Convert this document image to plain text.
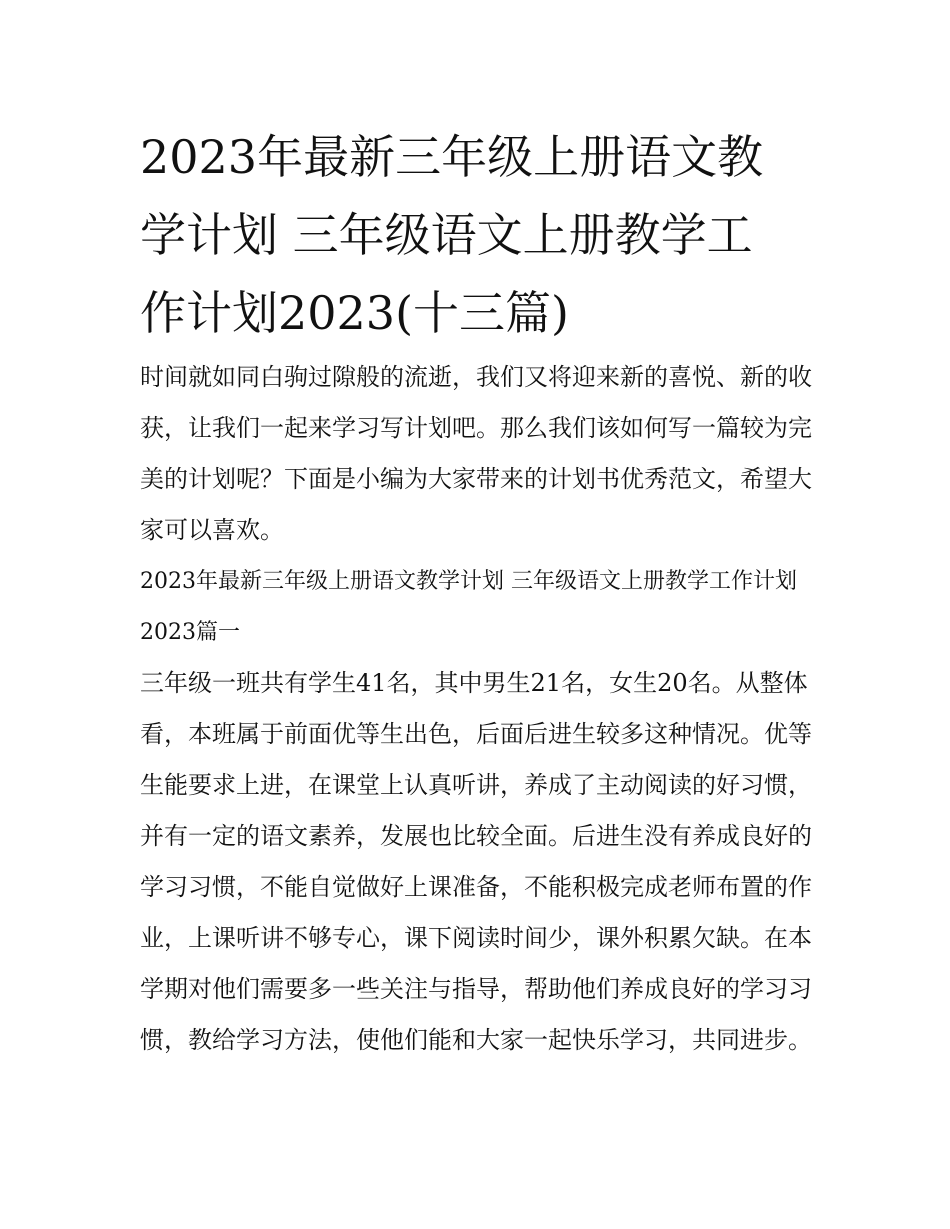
2023年最新三年级上册语文教
学计划 三年级语文上册教学工
作计划2023(十三篇)

时间就如同白驹过隙般的流逝，我们又将迎来新的喜悦、新的收获，让我们一起来学习写计划吧。那么我们该如何写一篇较为完美的计划呢？下面是小编为大家带来的计划书优秀范文，希望大家可以喜欢。

2023年最新三年级上册语文教学计划 三年级语文上册教学工作计划2023篇一

三年级一班共有学生41名，其中男生21名，女生20名。从整体看，本班属于前面优等生出色，后面后进生较多这种情况。优等生能要求上进，在课堂上认真听讲，养成了主动阅读的好习惯，并有一定的语文素养，发展也比较全面。后进生没有养成良好的学习习惯，不能自觉做好上课准备，不能积极完成老师布置的作业，上课听讲不够专心，课下阅读时间少，课外积累欠缺。在本学期对他们需要多一些关注与指导，帮助他们养成良好的学习习惯，教给学习方法，使他们能和大家一起快乐学习，共同进步。
